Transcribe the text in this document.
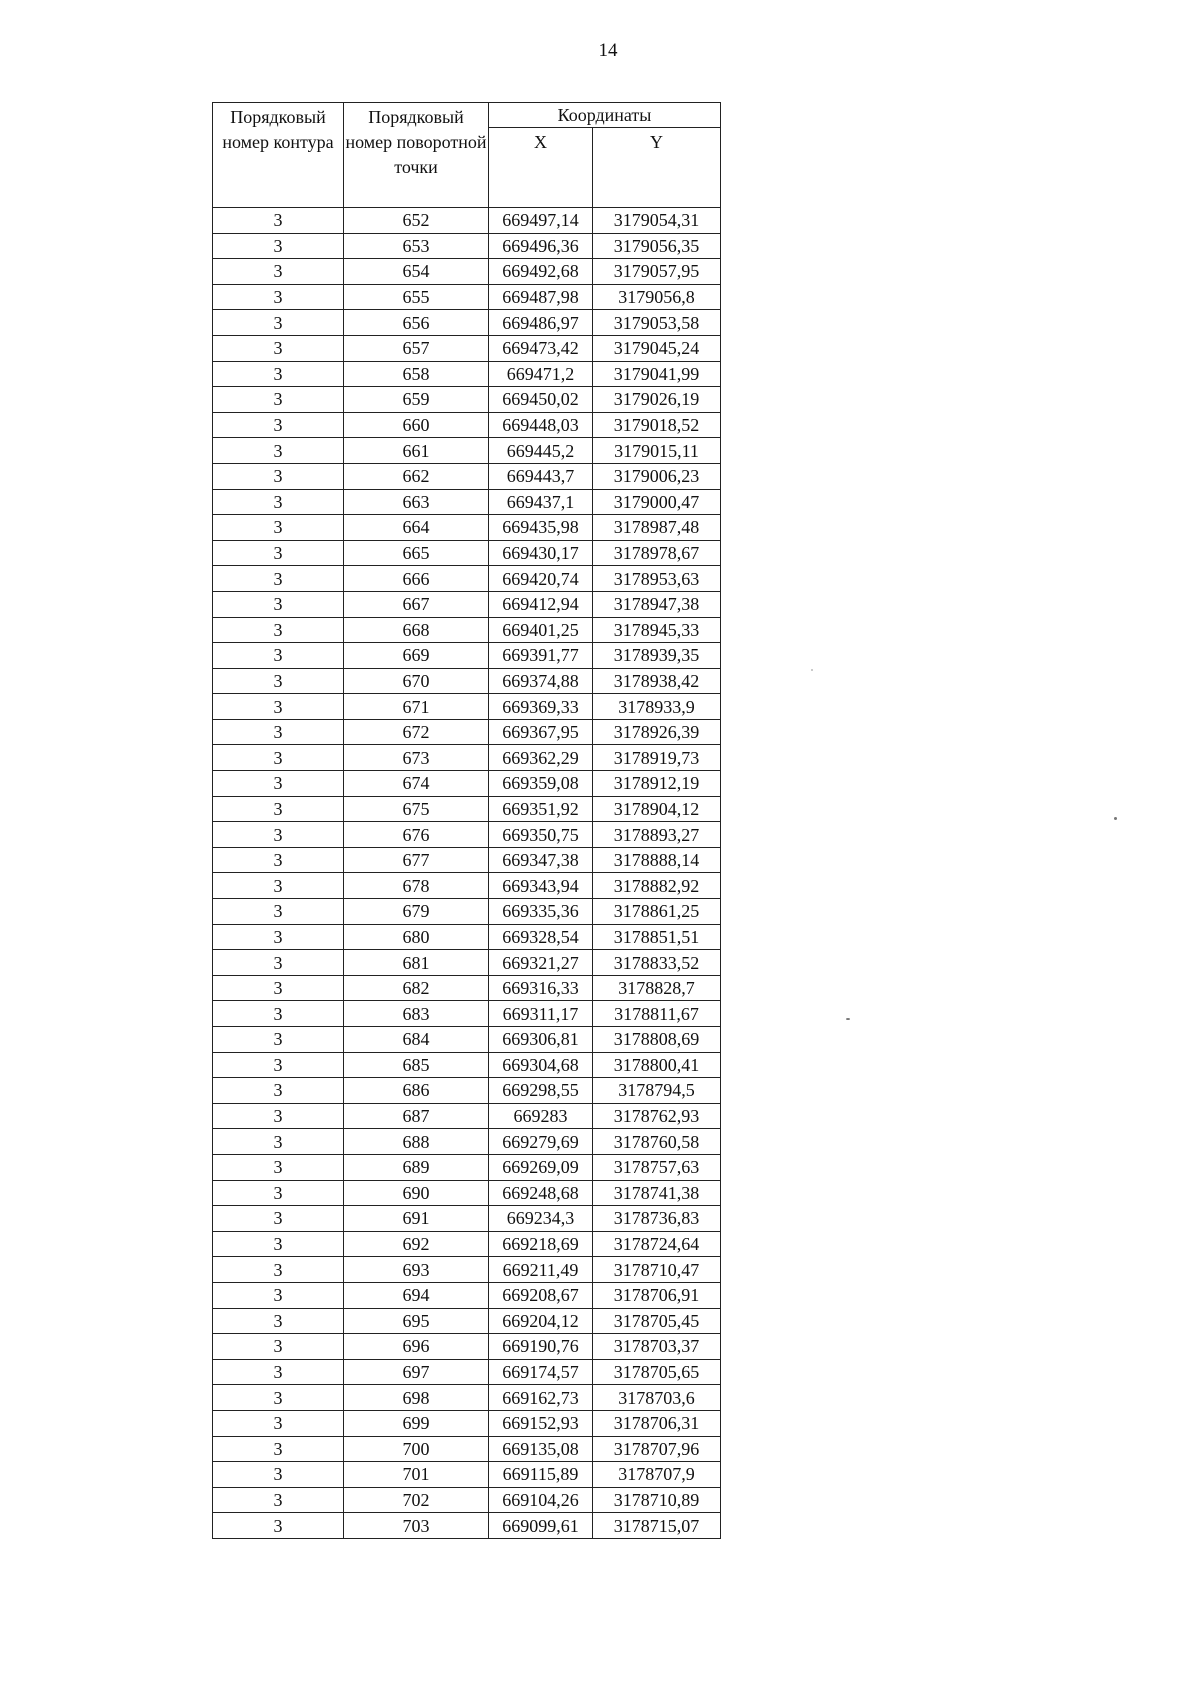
14
Порядковый номер контура	Порядковый номер поворотной точки	Координаты	
		X	Y
3	652	669497,14	3179054,31
3	653	669496,36	3179056,35
3	654	669492,68	3179057,95
3	655	669487,98	3179056,8
3	656	669486,97	3179053,58
3	657	669473,42	3179045,24
3	658	669471,2	3179041,99
3	659	669450,02	3179026,19
3	660	669448,03	3179018,52
3	661	669445,2	3179015,11
3	662	669443,7	3179006,23
3	663	669437,1	3179000,47
3	664	669435,98	3178987,48
3	665	669430,17	3178978,67
3	666	669420,74	3178953,63
3	667	669412,94	3178947,38
3	668	669401,25	3178945,33
3	669	669391,77	3178939,35
3	670	669374,88	3178938,42
3	671	669369,33	3178933,9
3	672	669367,95	3178926,39
3	673	669362,29	3178919,73
3	674	669359,08	3178912,19
3	675	669351,92	3178904,12
3	676	669350,75	3178893,27
3	677	669347,38	3178888,14
3	678	669343,94	3178882,92
3	679	669335,36	3178861,25
3	680	669328,54	3178851,51
3	681	669321,27	3178833,52
3	682	669316,33	3178828,7
3	683	669311,17	3178811,67
3	684	669306,81	3178808,69
3	685	669304,68	3178800,41
3	686	669298,55	3178794,5
3	687	669283	3178762,93
3	688	669279,69	3178760,58
3	689	669269,09	3178757,63
3	690	669248,68	3178741,38
3	691	669234,3	3178736,83
3	692	669218,69	3178724,64
3	693	669211,49	3178710,47
3	694	669208,67	3178706,91
3	695	669204,12	3178705,45
3	696	669190,76	3178703,37
3	697	669174,57	3178705,65
3	698	669162,73	3178703,6
3	699	669152,93	3178706,31
3	700	669135,08	3178707,96
3	701	669115,89	3178707,9
3	702	669104,26	3178710,89
3	703	669099,61	3178715,07
